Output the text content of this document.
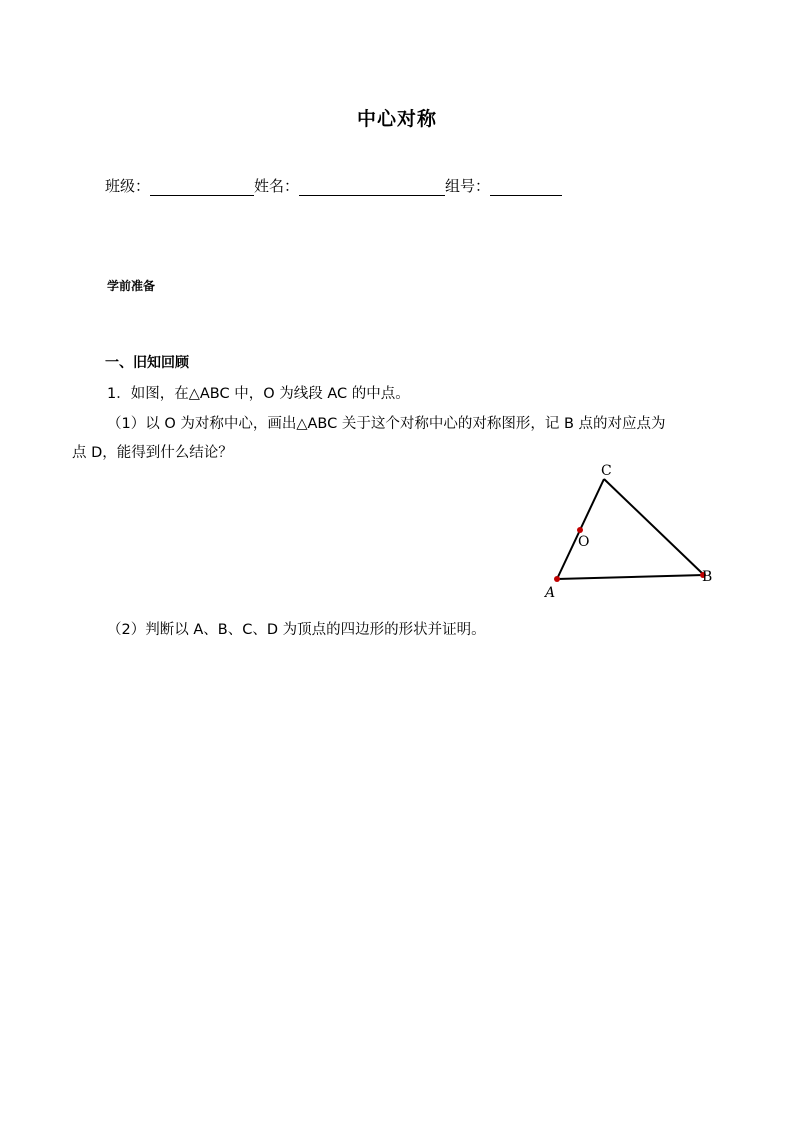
中心对称
班级：	姓名：	组号：
学前准备
一、旧知回顾
1．如图，在△ABC 中，O 为线段 AC 的中点。
（1）以 O 为对称中心，画出△ABC 关于这个对称中心的对称图形，记 B 点的对应点为
点 D，能得到什么结论？
C
O
A
B
（2）判断以 A、B、C、D 为顶点的四边形的形状并证明。
